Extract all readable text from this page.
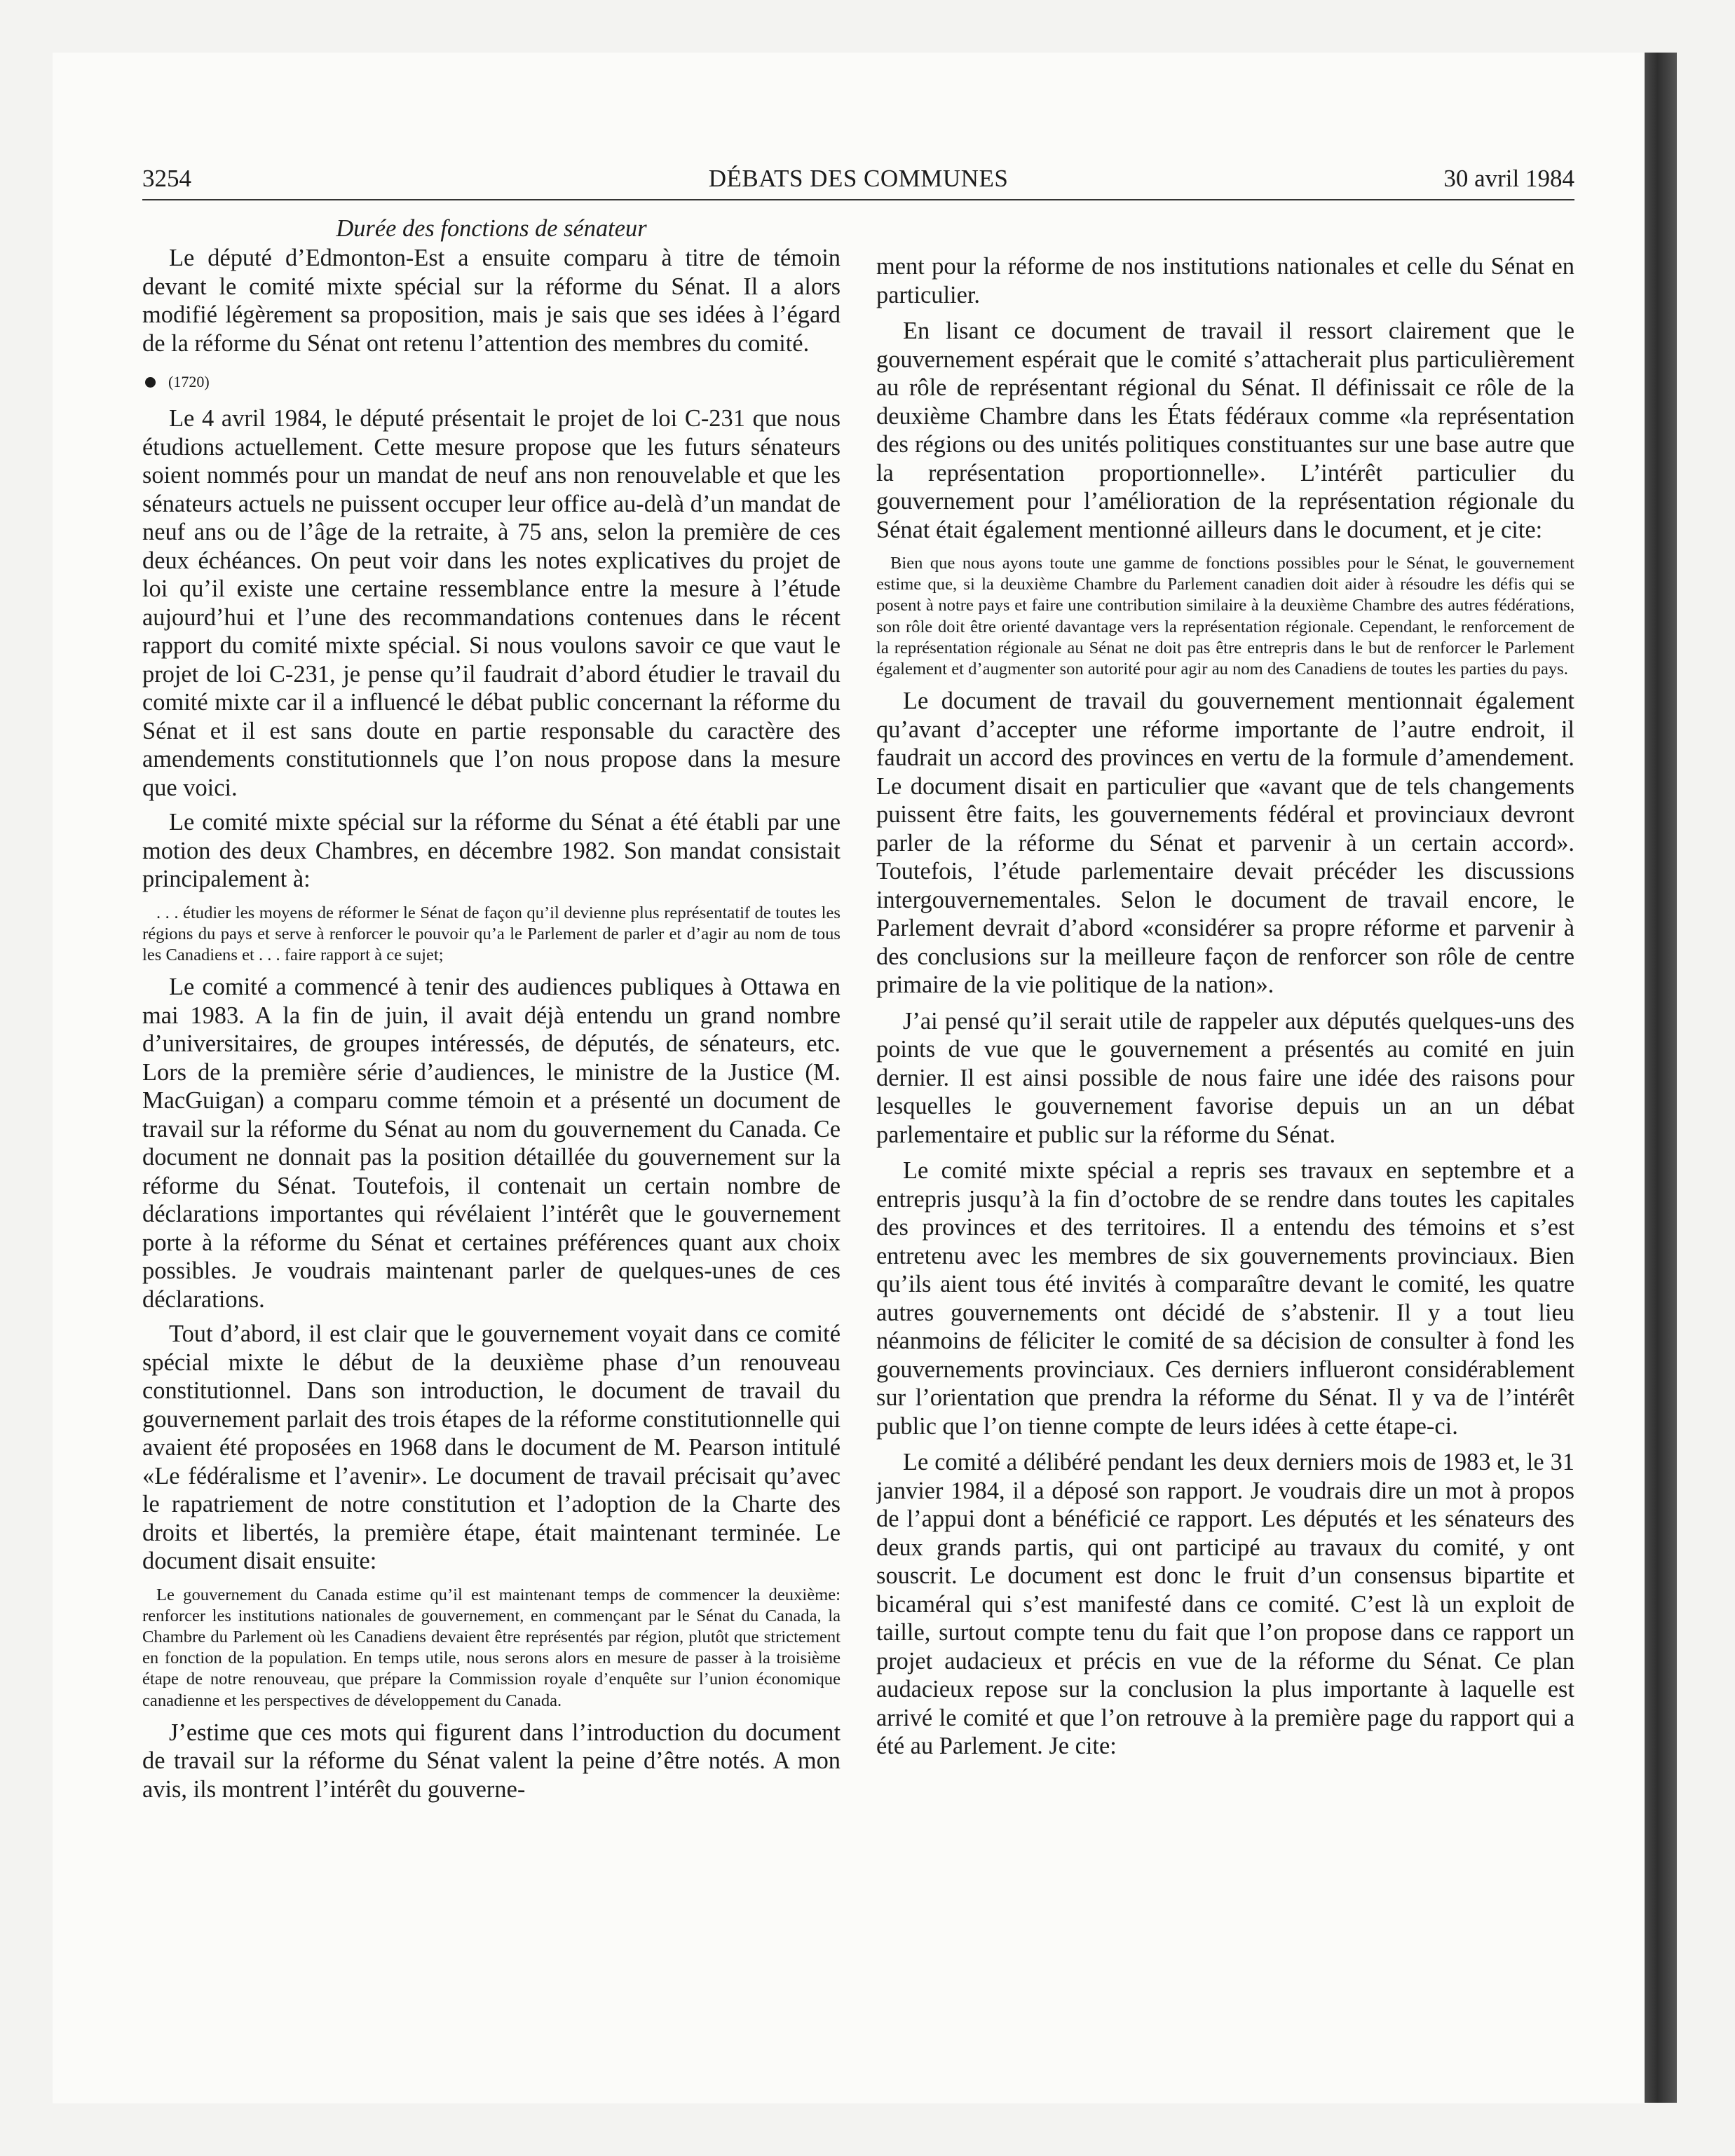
3254	DÉBATS DES COMMUNES	30 avril 1984
Durée des fonctions de sénateur

Le député d’Edmonton-Est a ensuite comparu à titre de témoin devant le comité mixte spécial sur la réforme du Sénat. Il a alors modifié légèrement sa proposition, mais je sais que ses idées à l’égard de la réforme du Sénat ont retenu l’attention des membres du comité.

(1720)

Le 4 avril 1984, le député présentait le projet de loi C-231 que nous étudions actuellement. Cette mesure propose que les futurs sénateurs soient nommés pour un mandat de neuf ans non renouvelable et que les sénateurs actuels ne puissent occuper leur office au-delà d’un mandat de neuf ans ou de l’âge de la retraite, à 75 ans, selon la première de ces deux échéances. On peut voir dans les notes explicatives du projet de loi qu’il existe une certaine ressemblance entre la mesure à l’étude aujourd’hui et l’une des recommandations contenues dans le récent rapport du comité mixte spécial. Si nous voulons savoir ce que vaut le projet de loi C-231, je pense qu’il faudrait d’abord étudier le travail du comité mixte car il a influencé le débat public concernant la réforme du Sénat et il est sans doute en partie responsable du caractère des amendements constitutionnels que l’on nous propose dans la mesure que voici.

Le comité mixte spécial sur la réforme du Sénat a été établi par une motion des deux Chambres, en décembre 1982. Son mandat consistait principalement à:

. . . étudier les moyens de réformer le Sénat de façon qu’il devienne plus représentatif de toutes les régions du pays et serve à renforcer le pouvoir qu’a le Parlement de parler et d’agir au nom de tous les Canadiens et . . . faire rapport à ce sujet;

Le comité a commencé à tenir des audiences publiques à Ottawa en mai 1983. A la fin de juin, il avait déjà entendu un grand nombre d’universitaires, de groupes intéressés, de députés, de sénateurs, etc. Lors de la première série d’audiences, le ministre de la Justice (M. MacGuigan) a comparu comme témoin et a présenté un document de travail sur la réforme du Sénat au nom du gouvernement du Canada. Ce document ne donnait pas la position détaillée du gouvernement sur la réforme du Sénat. Toutefois, il contenait un certain nombre de déclarations importantes qui révélaient l’intérêt que le gouvernement porte à la réforme du Sénat et certaines préférences quant aux choix possibles. Je voudrais maintenant parler de quelques-unes de ces déclarations.

Tout d’abord, il est clair que le gouvernement voyait dans ce comité spécial mixte le début de la deuxième phase d’un renouveau constitutionnel. Dans son introduction, le document de travail du gouvernement parlait des trois étapes de la réforme constitutionnelle qui avaient été proposées en 1968 dans le document de M. Pearson intitulé «Le fédéralisme et l’avenir». Le document de travail précisait qu’avec le rapatriement de notre constitution et l’adoption de la Charte des droits et libertés, la première étape, était maintenant terminée. Le document disait ensuite:

Le gouvernement du Canada estime qu’il est maintenant temps de commencer la deuxième: renforcer les institutions nationales de gouvernement, en commençant par le Sénat du Canada, la Chambre du Parlement où les Canadiens devaient être représentés par région, plutôt que strictement en fonction de la population. En temps utile, nous serons alors en mesure de passer à la troisième étape de notre renouveau, que prépare la Commission royale d’enquête sur l’union économique canadienne et les perspectives de développement du Canada.

J’estime que ces mots qui figurent dans l’introduction du document de travail sur la réforme du Sénat valent la peine d’être notés. A mon avis, ils montrent l’intérêt du gouverne-

ment pour la réforme de nos institutions nationales et celle du Sénat en particulier.

En lisant ce document de travail il ressort clairement que le gouvernement espérait que le comité s’attacherait plus particulièrement au rôle de représentant régional du Sénat. Il définissait ce rôle de la deuxième Chambre dans les États fédéraux comme «la représentation des régions ou des unités politiques constituantes sur une base autre que la représentation proportionnelle». L’intérêt particulier du gouvernement pour l’amélioration de la représentation régionale du Sénat était également mentionné ailleurs dans le document, et je cite:

Bien que nous ayons toute une gamme de fonctions possibles pour le Sénat, le gouvernement estime que, si la deuxième Chambre du Parlement canadien doit aider à résoudre les défis qui se posent à notre pays et faire une contribution similaire à la deuxième Chambre des autres fédérations, son rôle doit être orienté davantage vers la représentation régionale. Cependant, le renforcement de la représentation régionale au Sénat ne doit pas être entrepris dans le but de renforcer le Parlement également et d’augmenter son autorité pour agir au nom des Canadiens de toutes les parties du pays.

Le document de travail du gouvernement mentionnait également qu’avant d’accepter une réforme importante de l’autre endroit, il faudrait un accord des provinces en vertu de la formule d’amendement. Le document disait en particulier que «avant que de tels changements puissent être faits, les gouvernements fédéral et provinciaux devront parler de la réforme du Sénat et parvenir à un certain accord». Toutefois, l’étude parlementaire devait précéder les discussions intergouvernementales. Selon le document de travail encore, le Parlement devrait d’abord «considérer sa propre réforme et parvenir à des conclusions sur la meilleure façon de renforcer son rôle de centre primaire de la vie politique de la nation».

J’ai pensé qu’il serait utile de rappeler aux députés quelques-uns des points de vue que le gouvernement a présentés au comité en juin dernier. Il est ainsi possible de nous faire une idée des raisons pour lesquelles le gouvernement favorise depuis un an un débat parlementaire et public sur la réforme du Sénat.

Le comité mixte spécial a repris ses travaux en septembre et a entrepris jusqu’à la fin d’octobre de se rendre dans toutes les capitales des provinces et des territoires. Il a entendu des témoins et s’est entretenu avec les membres de six gouvernements provinciaux. Bien qu’ils aient tous été invités à comparaître devant le comité, les quatre autres gouvernements ont décidé de s’abstenir. Il y a tout lieu néanmoins de féliciter le comité de sa décision de consulter à fond les gouvernements provinciaux. Ces derniers influeront considérablement sur l’orientation que prendra la réforme du Sénat. Il y va de l’intérêt public que l’on tienne compte de leurs idées à cette étape-ci.

Le comité a délibéré pendant les deux derniers mois de 1983 et, le 31 janvier 1984, il a déposé son rapport. Je voudrais dire un mot à propos de l’appui dont a bénéficié ce rapport. Les députés et les sénateurs des deux grands partis, qui ont participé au travaux du comité, y ont souscrit. Le document est donc le fruit d’un consensus bipartite et bicaméral qui s’est manifesté dans ce comité. C’est là un exploit de taille, surtout compte tenu du fait que l’on propose dans ce rapport un projet audacieux et précis en vue de la réforme du Sénat. Ce plan audacieux repose sur la conclusion la plus importante à laquelle est arrivé le comité et que l’on retrouve à la première page du rapport qui a été au Parlement. Je cite:
